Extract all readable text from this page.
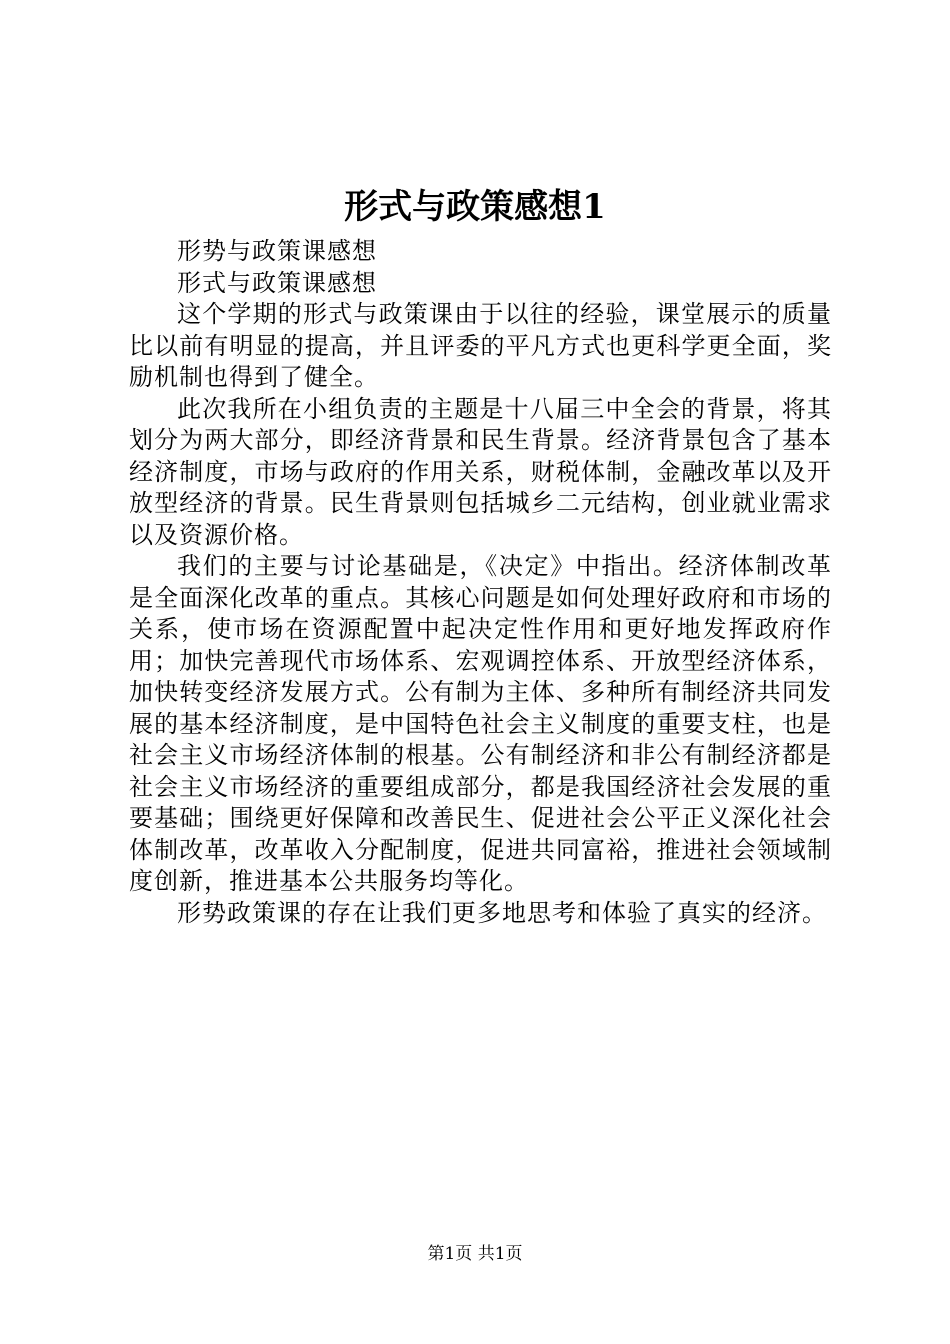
形式与政策感想1

形势与政策课感想

形式与政策课感想

这个学期的形式与政策课由于以往的经验，课堂展示的质量比以前有明显的提高，并且评委的平凡方式也更科学更全面，奖励机制也得到了健全。

此次我所在小组负责的主题是十八届三中全会的背景，将其划分为两大部分，即经济背景和民生背景。经济背景包含了基本经济制度，市场与政府的作用关系，财税体制，金融改革以及开放型经济的背景。民生背景则包括城乡二元结构，创业就业需求以及资源价格。

我们的主要与讨论基础是，《决定》中指出。经济体制改革是全面深化改革的重点。其核心问题是如何处理好政府和市场的关系，使市场在资源配置中起决定性作用和更好地发挥政府作用；加快完善现代市场体系、宏观调控体系、开放型经济体系，加快转变经济发展方式。公有制为主体、多种所有制经济共同发展的基本经济制度，是中国特色社会主义制度的重要支柱，也是社会主义市场经济体制的根基。公有制经济和非公有制经济都是社会主义市场经济的重要组成部分，都是我国经济社会发展的重要基础；围绕更好保障和改善民生、促进社会公平正义深化社会体制改革，改革收入分配制度，促进共同富裕，推进社会领域制度创新，推进基本公共服务均等化。

形势政策课的存在让我们更多地思考和体验了真实的经济。

第1页 共1页
